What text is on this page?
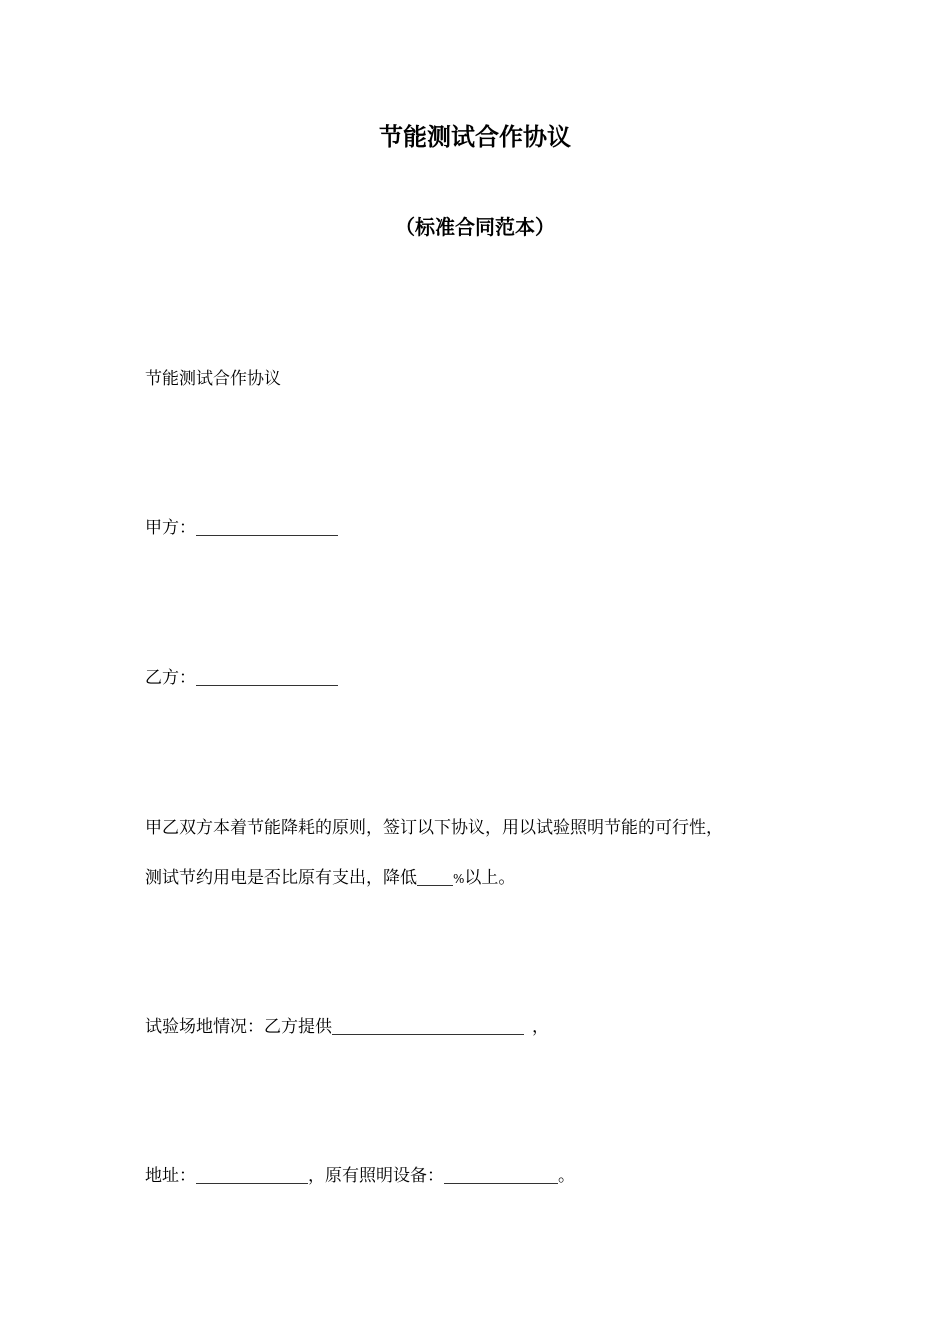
节能测试合作协议
（标准合同范本）

节能测试合作协议

甲方：

乙方：

甲乙双方本着节能降耗的原则，签订以下协议，用以试验照明节能的可行性，

测试节约用电是否比原有支出，降低	%以上。

试验场地情况：乙方提供	，

地址：	，原有照明设备：	。
